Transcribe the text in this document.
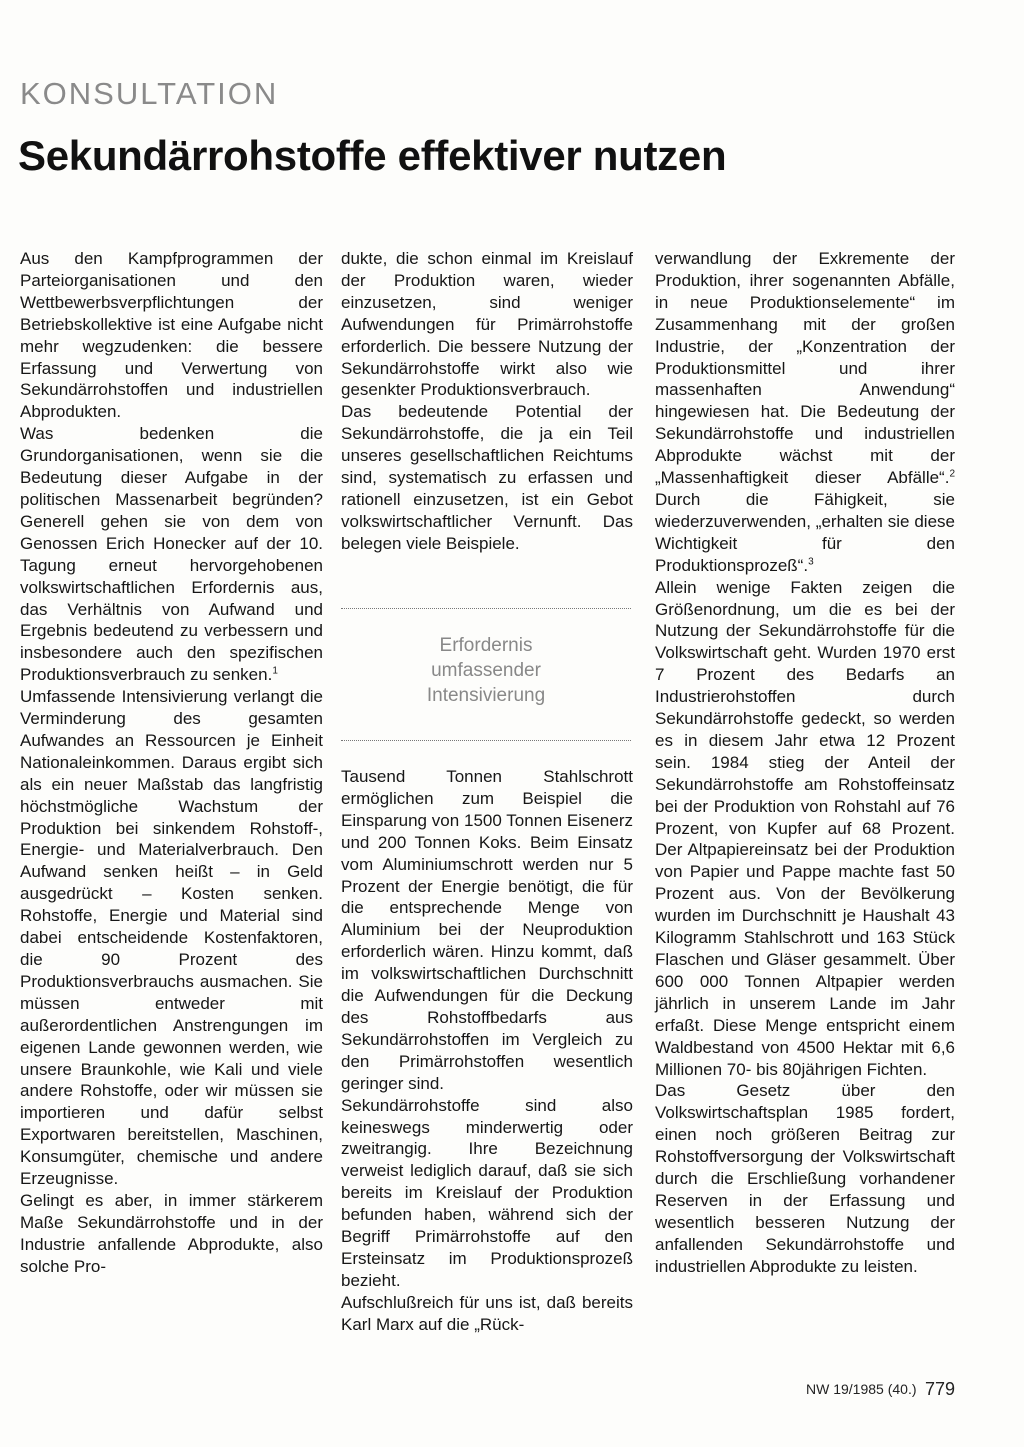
KONSULTATION
Sekundärrohstoffe effektiver nutzen

Aus den Kampfprogrammen der Parteiorganisationen und den Wettbewerbsverpflichtungen der Betriebskollektive ist eine Aufgabe nicht mehr wegzudenken: die bessere Erfassung und Verwertung von Sekundärrohstoffen und industriellen Abprodukten.

Was bedenken die Grundorganisationen, wenn sie die Bedeutung dieser Aufgabe in der politischen Massenarbeit begründen? Generell gehen sie von dem von Genossen Erich Honecker auf der 10. Tagung erneut hervorgehobenen volkswirtschaftlichen Erfordernis aus, das Verhältnis von Aufwand und Ergebnis bedeutend zu verbessern und insbesondere auch den spezifischen Produktionsverbrauch zu senken.$^1$

Umfassende Intensivierung verlangt die Verminderung des gesamten Aufwandes an Ressourcen je Einheit Nationaleinkommen. Daraus ergibt sich als ein neuer Maßstab das langfristig höchstmögliche Wachstum der Produktion bei sinkendem Rohstoff-, Energie- und Materialverbrauch. Den Aufwand senken heißt – in Geld ausgedrückt – Kosten senken. Rohstoffe, Energie und Material sind dabei entscheidende Kostenfaktoren, die 90 Prozent des Produktionsverbrauchs ausmachen. Sie müssen entweder mit außerordentlichen Anstrengungen im eigenen Lande gewonnen werden, wie unsere Braunkohle, wie Kali und viele andere Rohstoffe, oder wir müssen sie importieren und dafür selbst Exportwaren bereitstellen, Maschinen, Konsumgüter, chemische und andere Erzeugnisse.

Gelingt es aber, in immer stärkerem Maße Sekundärrohstoffe und in der Industrie anfallende Abprodukte, also solche Pro-

dukte, die schon einmal im Kreislauf der Produktion waren, wieder einzusetzen, sind weniger Aufwendungen für Primärrohstoffe erforderlich. Die bessere Nutzung der Sekundärrohstoffe wirkt also wie gesenkter Produktionsverbrauch.

Das bedeutende Potential der Sekundärrohstoffe, die ja ein Teil unseres gesellschaftlichen Reichtums sind, systematisch zu erfassen und rationell einzusetzen, ist ein Gebot volkswirtschaftlicher Vernunft. Das belegen viele Beispiele.

Erfordernis
umfassender
Intensivierung

Tausend Tonnen Stahlschrott ermöglichen zum Beispiel die Einsparung von 1500 Tonnen Eisenerz und 200 Tonnen Koks. Beim Einsatz vom Aluminiumschrott werden nur 5 Prozent der Energie benötigt, die für die entsprechende Menge von Aluminium bei der Neuproduktion erforderlich wären. Hinzu kommt, daß im volkswirtschaftlichen Durchschnitt die Aufwendungen für die Deckung des Rohstoffbedarfs aus Sekundärrohstoffen im Vergleich zu den Primärrohstoffen wesentlich geringer sind.

Sekundärrohstoffe sind also keineswegs minderwertig oder zweitrangig. Ihre Bezeichnung verweist lediglich darauf, daß sie sich bereits im Kreislauf der Produktion befunden haben, während sich der Begriff Primärrohstoffe auf den Ersteinsatz im Produktionsprozeß bezieht.

Aufschlußreich für uns ist, daß bereits Karl Marx auf die „Rück-

verwandlung der Exkremente der Produktion, ihrer sogenannten Abfälle, in neue Produktionselemente“ im Zusammenhang mit der großen Industrie, der „Konzentration der Produktionsmittel und ihrer massenhaften Anwendung“ hingewiesen hat. Die Bedeutung der Sekundärrohstoffe und industriellen Abprodukte wächst mit der „Massenhaftigkeit dieser Abfälle“.$^2$ Durch die Fähigkeit, sie wiederzuverwenden, „erhalten sie diese Wichtigkeit für den Produktionsprozeß“.$^3$

Allein wenige Fakten zeigen die Größenordnung, um die es bei der Nutzung der Sekundärrohstoffe für die Volkswirtschaft geht. Wurden 1970 erst 7 Prozent des Bedarfs an Industrierohstoffen durch Sekundärrohstoffe gedeckt, so werden es in diesem Jahr etwa 12 Prozent sein. 1984 stieg der Anteil der Sekundärrohstoffe am Rohstoffeinsatz bei der Produktion von Rohstahl auf 76 Prozent, von Kupfer auf 68 Prozent. Der Altpapiereinsatz bei der Produktion von Papier und Pappe machte fast 50 Prozent aus. Von der Bevölkerung wurden im Durchschnitt je Haushalt 43 Kilogramm Stahlschrott und 163 Stück Flaschen und Gläser gesammelt. Über 600 000 Tonnen Altpapier werden jährlich in unserem Lande im Jahr erfaßt. Diese Menge entspricht einem Waldbestand von 4500 Hektar mit 6,6 Millionen 70- bis 80jährigen Fichten.

Das Gesetz über den Volkswirtschaftsplan 1985 fordert, einen noch größeren Beitrag zur Rohstoffversorgung der Volkswirtschaft durch die Erschließung vorhandener Reserven in der Erfassung und wesentlich besseren Nutzung der anfallenden Sekundärrohstoffe und industriellen Abprodukte zu leisten.

NW 19/1985 (40.) 779
